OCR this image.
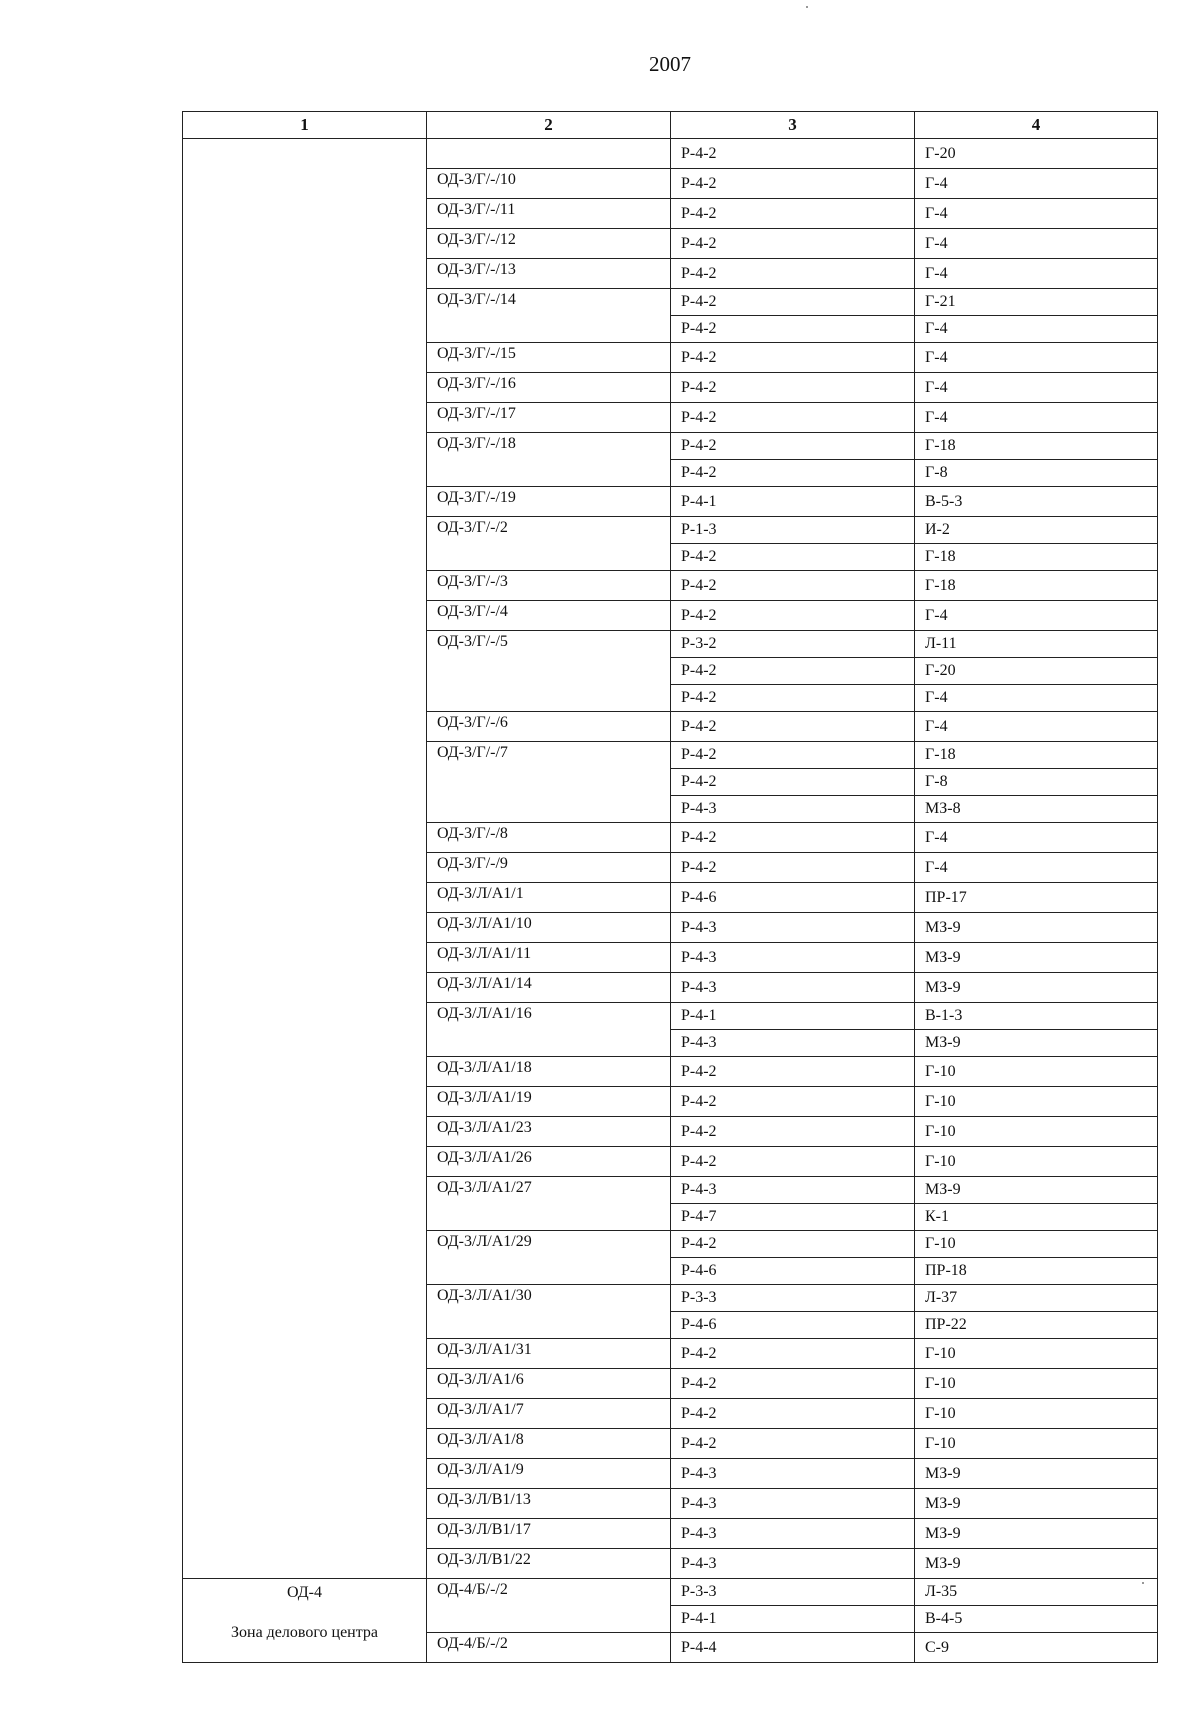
2007
1	2	3	4

		Р-4-2	Г-20
	ОД-3/Г/-/10	Р-4-2	Г-4
	ОД-3/Г/-/11	Р-4-2	Г-4
	ОД-3/Г/-/12	Р-4-2	Г-4
	ОД-3/Г/-/13	Р-4-2	Г-4
	ОД-3/Г/-/14	Р-4-2	Г-21
		Р-4-2	Г-4
	ОД-3/Г/-/15	Р-4-2	Г-4
	ОД-3/Г/-/16	Р-4-2	Г-4
	ОД-3/Г/-/17	Р-4-2	Г-4
	ОД-3/Г/-/18	Р-4-2	Г-18
		Р-4-2	Г-8
	ОД-3/Г/-/19	Р-4-1	В-5-3
	ОД-3/Г/-/2	Р-1-3	И-2
		Р-4-2	Г-18
	ОД-3/Г/-/3	Р-4-2	Г-18
	ОД-3/Г/-/4	Р-4-2	Г-4
	ОД-3/Г/-/5	Р-3-2	Л-11
		Р-4-2	Г-20
		Р-4-2	Г-4
	ОД-3/Г/-/6	Р-4-2	Г-4
	ОД-3/Г/-/7	Р-4-2	Г-18
		Р-4-2	Г-8
		Р-4-3	МЗ-8
	ОД-3/Г/-/8	Р-4-2	Г-4
	ОД-3/Г/-/9	Р-4-2	Г-4
	ОД-3/Л/А1/1	Р-4-6	ПР-17
	ОД-3/Л/А1/10	Р-4-3	МЗ-9
	ОД-3/Л/А1/11	Р-4-3	МЗ-9
	ОД-3/Л/А1/14	Р-4-3	МЗ-9
	ОД-3/Л/А1/16	Р-4-1	В-1-3
		Р-4-3	МЗ-9
	ОД-3/Л/А1/18	Р-4-2	Г-10
	ОД-3/Л/А1/19	Р-4-2	Г-10
	ОД-3/Л/А1/23	Р-4-2	Г-10
	ОД-3/Л/А1/26	Р-4-2	Г-10
	ОД-3/Л/А1/27	Р-4-3	МЗ-9
		Р-4-7	К-1
	ОД-3/Л/А1/29	Р-4-2	Г-10
		Р-4-6	ПР-18
	ОД-3/Л/А1/30	Р-3-3	Л-37
		Р-4-6	ПР-22
	ОД-3/Л/А1/31	Р-4-2	Г-10
	ОД-3/Л/А1/6	Р-4-2	Г-10
	ОД-3/Л/А1/7	Р-4-2	Г-10
	ОД-3/Л/А1/8	Р-4-2	Г-10
	ОД-3/Л/А1/9	Р-4-3	МЗ-9
	ОД-3/Л/В1/13	Р-4-3	МЗ-9
	ОД-3/Л/В1/17	Р-4-3	МЗ-9
	ОД-3/Л/В1/22	Р-4-3	МЗ-9

ОД-4
Зона делового центра	ОД-4/Б/-/2	Р-3-3	Л-35
		Р-4-1	В-4-5
	ОД-4/Б/-/2	Р-4-4	С-9
